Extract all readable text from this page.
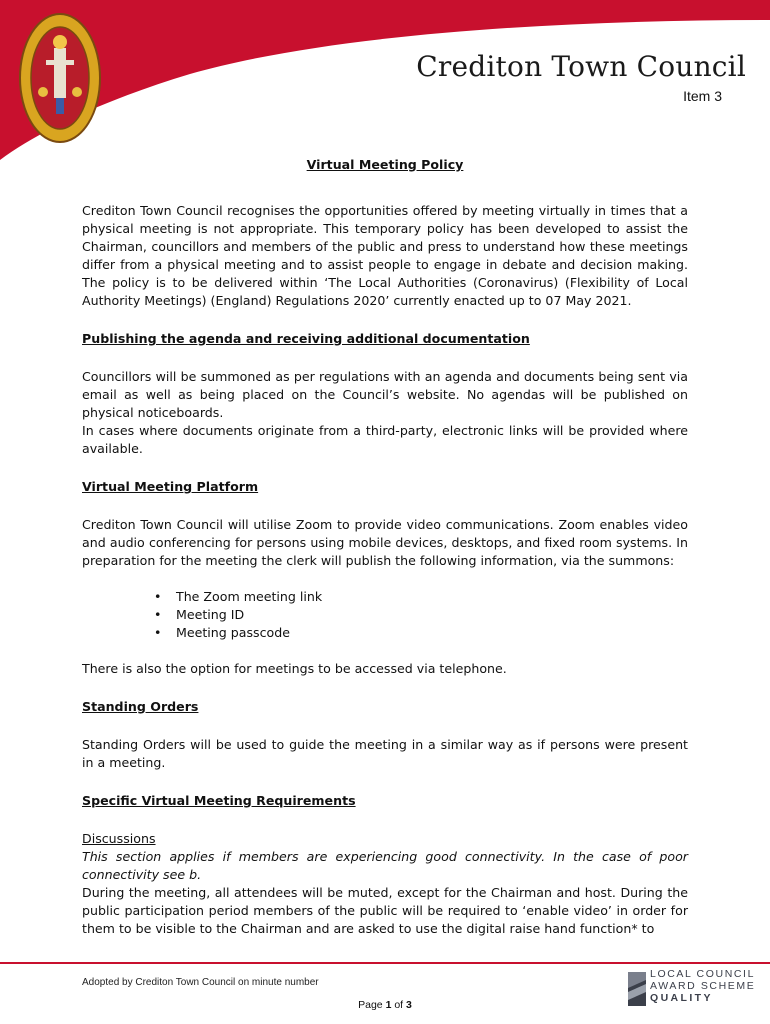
Crediton Town Council
Item 3
Virtual Meeting Policy

Crediton Town Council recognises the opportunities offered by meeting virtually in times that a physical meeting is not appropriate. This temporary policy has been developed to assist the Chairman, councillors and members of the public and press to understand how these meetings differ from a physical meeting and to assist people to engage in debate and decision making. The policy is to be delivered within ‘The Local Authorities (Coronavirus) (Flexibility of Local Authority Meetings) (England) Regulations 2020’ currently enacted up to 07 May 2021.

Publishing the agenda and receiving additional documentation

Councillors will be summoned as per regulations with an agenda and documents being sent via email as well as being placed on the Council’s website. No agendas will be published on physical noticeboards.

In cases where documents originate from a third-party, electronic links will be provided where available.

Virtual Meeting Platform

Crediton Town Council will utilise Zoom to provide video communications. Zoom enables video and audio conferencing for persons using mobile devices, desktops, and fixed room systems. In preparation for the meeting the clerk will publish the following information, via the summons:

• The Zoom meeting link
• Meeting ID
• Meeting passcode

There is also the option for meetings to be accessed via telephone.

Standing Orders

Standing Orders will be used to guide the meeting in a similar way as if persons were present in a meeting.

Specific Virtual Meeting Requirements
Discussions

This section applies if members are experiencing good connectivity. In the case of poor connectivity see b.

During the meeting, all attendees will be muted, except for the Chairman and host. During the public participation period members of the public will be required to ‘enable video’ in order for them to be visible to the Chairman and are asked to use the digital raise hand function* to

Adopted by Crediton Town Council on minute number
Page 1 of 3
LOCAL COUNCIL
AWARD SCHEME
QUALITY
